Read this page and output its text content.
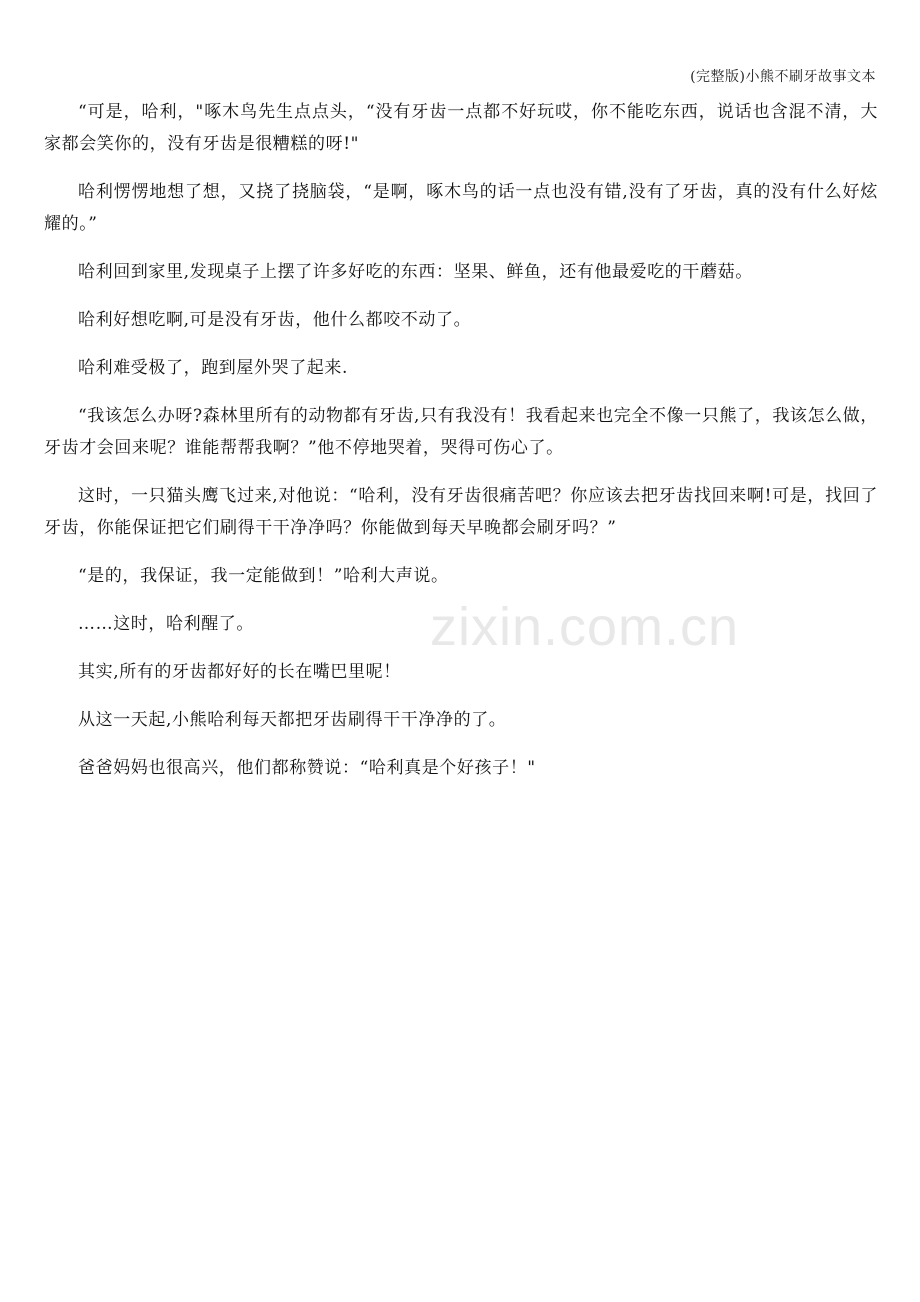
(完整版)小熊不刷牙故事文本

“可是，哈利，"啄木鸟先生点点头，“没有牙齿一点都不好玩哎，你不能吃东西，说话也含混不清，大家都会笑你的，没有牙齿是很糟糕的呀!"

哈利愣愣地想了想，又挠了挠脑袋，“是啊，啄木鸟的话一点也没有错,没有了牙齿，真的没有什么好炫耀的。”

哈利回到家里,发现桌子上摆了许多好吃的东西：坚果、鲜鱼，还有他最爱吃的干蘑菇。

哈利好想吃啊,可是没有牙齿，他什么都咬不动了。

哈利难受极了，跑到屋外哭了起来.

“我该怎么办呀?森林里所有的动物都有牙齿,只有我没有！我看起来也完全不像一只熊了，我该怎么做，牙齿才会回来呢？谁能帮帮我啊？”他不停地哭着，哭得可伤心了。

这时，一只猫头鹰飞过来,对他说：“哈利，没有牙齿很痛苦吧？你应该去把牙齿找回来啊!可是，找回了牙齿，你能保证把它们刷得干干净净吗？你能做到每天早晚都会刷牙吗？”

“是的，我保证，我一定能做到！”哈利大声说。

……这时，哈利醒了。

其实,所有的牙齿都好好的长在嘴巴里呢！

从这一天起,小熊哈利每天都把牙齿刷得干干净净的了。

爸爸妈妈也很高兴，他们都称赞说：“哈利真是个好孩子！"

zixin.com.cn
